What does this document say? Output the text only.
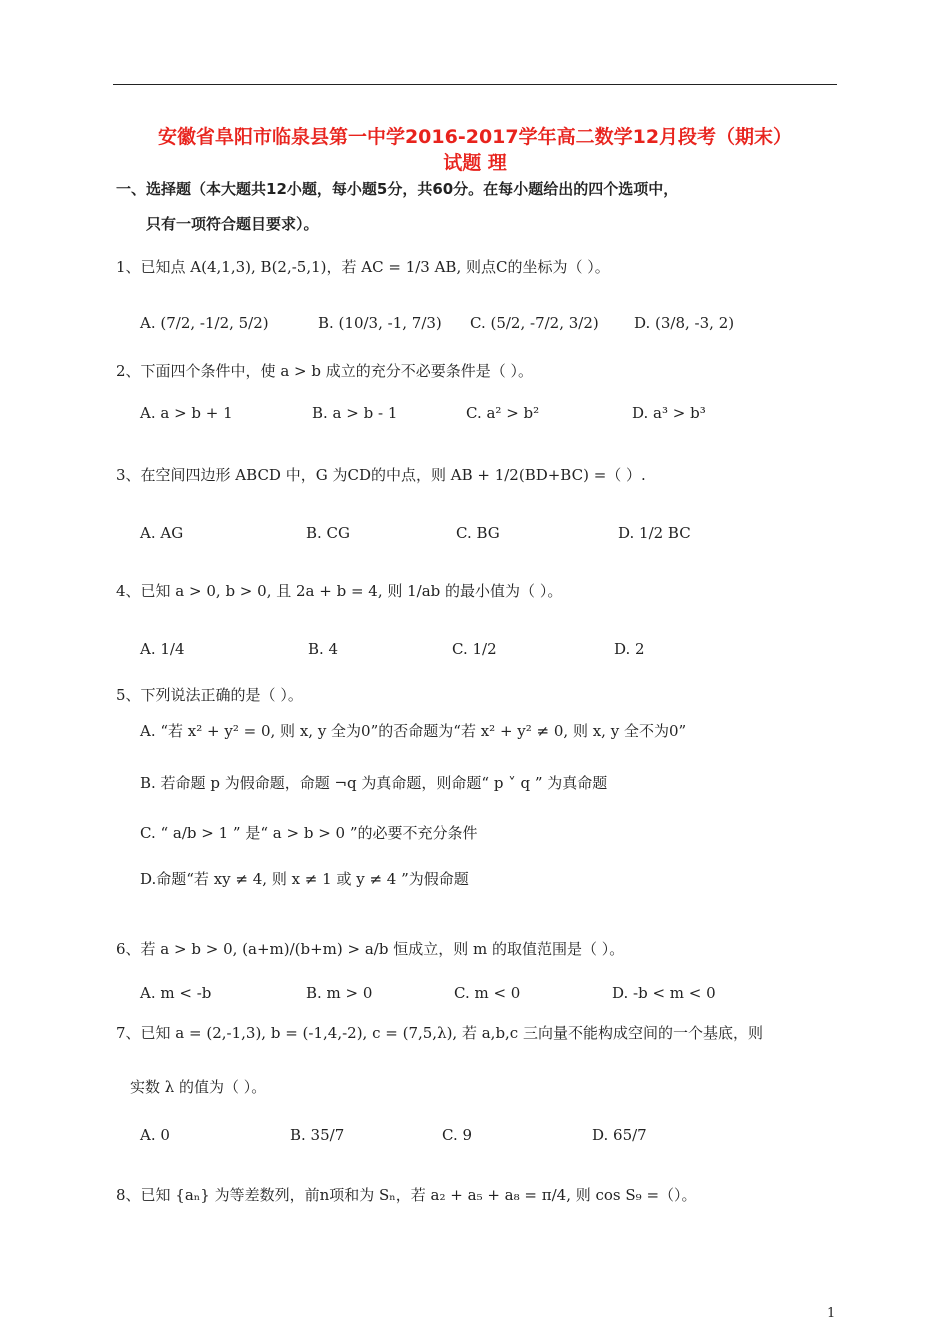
安徽省阜阳市临泉县第一中学2016-2017学年高二数学12月段考（期末）
试题 理
一、选择题（本大题共12小题，每小题5分，共60分。在每小题给出的四个选项中，
只有一项符合题目要求）。
1、已知点 A(4,1,3), B(2,-5,1)，若 AC = 1/3 AB, 则点C的坐标为（ ）。
A. (7/2, -1/2, 5/2)	B. (10/3, -1, 7/3) C. (5/2, -7/2, 3/2) D. (3/8, -3, 2)
2、下面四个条件中，使 a > b 成立的充分不必要条件是（ ）。
A. a > b + 1	B. a > b - 1	C. a² > b²	D. a³ > b³
3、在空间四边形 ABCD 中，G 为CD的中点，则 AB + 1/2(BD+BC) =（ ）.
A. AG	B. CG	C. BG	D. 1/2 BC
4、已知 a > 0, b > 0, 且 2a + b = 4, 则 1/ab 的最小值为（ ）。
A. 1/4	B. 4	C. 1/2	D. 2
5、下列说法正确的是（ ）。
A. “若 x² + y² = 0, 则 x, y 全为0”的否命题为“若 x² + y² ≠ 0, 则 x, y 全不为0”
B. 若命题 p 为假命题，命题 ¬q 为真命题，则命题“ p ˅ q ” 为真命题
C. “ a/b > 1 ” 是“ a > b > 0 ”的必要不充分条件
D.命题“若 xy ≠ 4, 则 x ≠ 1 或 y ≠ 4 ”为假命题
6、若 a > b > 0, (a+m)/(b+m) > a/b 恒成立，则 m 的取值范围是（ ）。
A. m < -b	B. m > 0	C. m < 0	D. -b < m < 0
7、已知 a = (2,-1,3), b = (-1,4,-2), c = (7,5,λ), 若 a,b,c 三向量不能构成空间的一个基底，则
实数 λ 的值为（ ）。
A. 0	B. 35/7	C. 9	D. 65/7
8、已知 {aₙ} 为等差数列，前n项和为 Sₙ，若 a₂ + a₅ + a₈ = π/4, 则 cos S₉ =（）。
1
